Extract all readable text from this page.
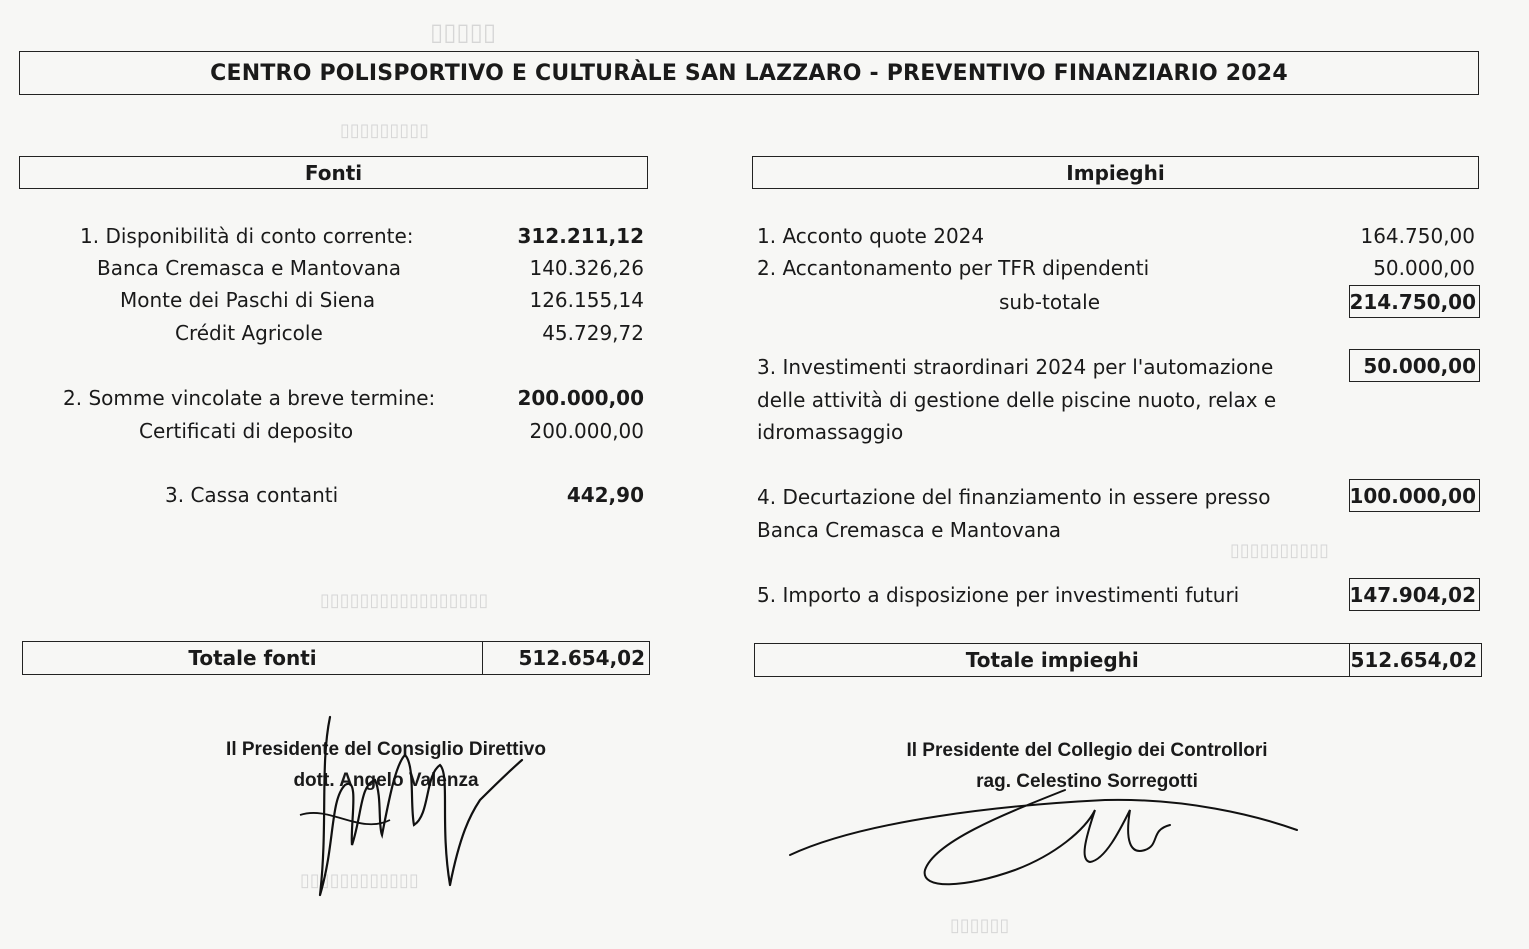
▯▯▯▯▯
▯▯▯▯▯▯▯▯▯
▯▯▯▯▯▯▯▯▯▯
▯▯▯▯▯▯▯▯▯▯▯▯▯▯▯▯▯
▯▯▯▯▯▯▯▯▯▯▯▯
▯▯▯▯▯▯
CENTRO POLISPORTIVO E CULTURÀLE SAN LAZZARO - PREVENTIVO FINANZIARIO 2024
Fonti
1. Disponibilità di conto corrente:	312.211,12
Banca Cremasca e Mantovana	140.326,26
Monte dei Paschi di Siena	126.155,14
Crédit Agricole	45.729,72
2. Somme vincolate a breve termine:	200.000,00
Certificati di deposito	200.000,00
3. Cassa contanti	442,90
Totale fonti	512.654,02
Impieghi
1. Acconto quote 2024	164.750,00
2. Accantonamento per TFR dipendenti	50.000,00
sub-totale	214.750,00
3. Investimenti straordinari 2024 per l'automazione
delle attività di gestione delle piscine nuoto, relax e
idromassaggio
50.000,00
4. Decurtazione del finanziamento in essere presso
Banca Cremasca e Mantovana
100.000,00
5. Importo a disposizione per investimenti futuri	147.904,02
Totale impieghi	512.654,02
Il Presidente del Consiglio Direttivo
dott. Angelo Valenza
Il Presidente del Collegio dei Controllori
rag. Celestino Sorregotti
